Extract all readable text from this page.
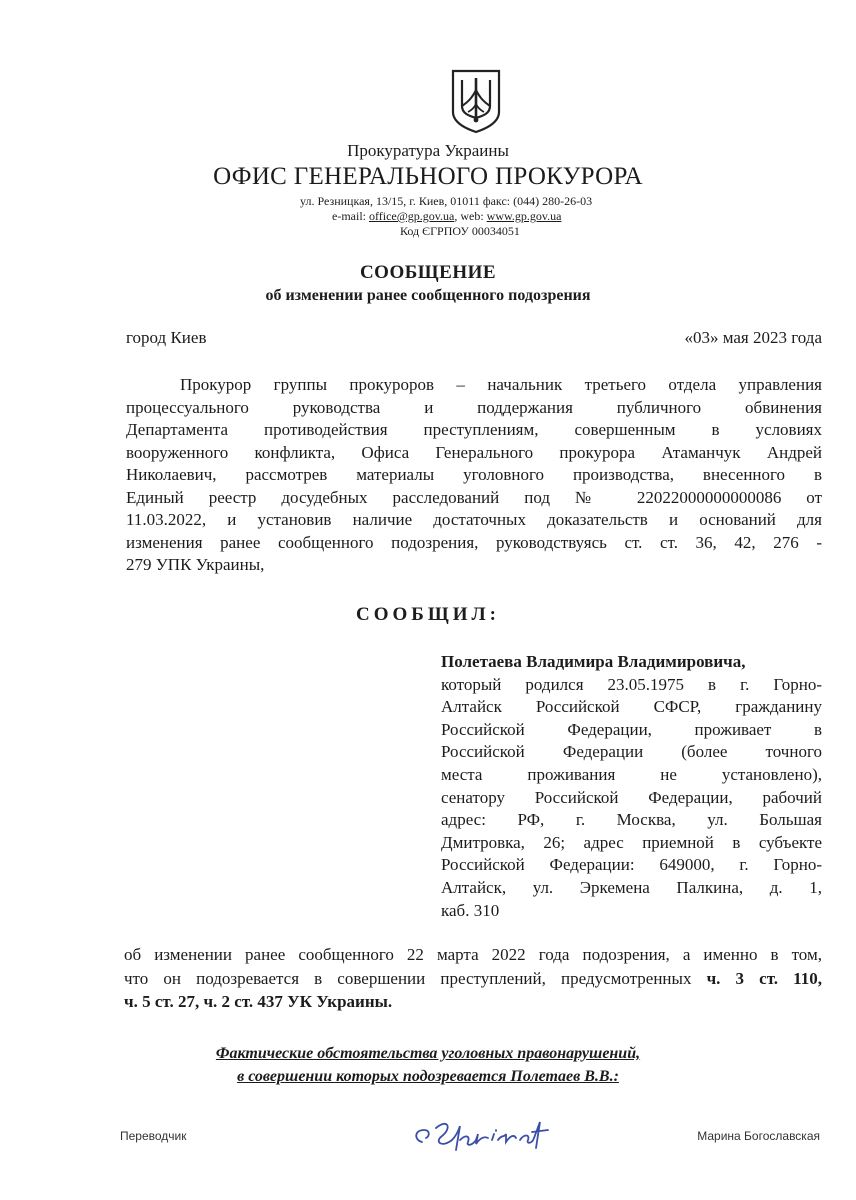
Прокуратура Украины
ОФИС ГЕНЕРАЛЬНОГО ПРОКУРОРА
ул. Резницкая, 13/15, г. Киев, 01011 факс: (044) 280-26-03
e-mail: office@gp.gov.ua, web: www.gp.gov.ua
Код ЄГРПОУ 00034051
СООБЩЕНИЕ
об изменении ранее сообщенного подозрения
город Киев	«03» мая 2023 года
Прокурор группы прокуроров – начальник третьего отдела управления
процессуального руководства и поддержания публичного обвинения
Департамента противодействия преступлениям, совершенным в условиях
вооруженного конфликта, Офиса Генерального прокурора Атаманчук Андрей
Николаевич, рассмотрев материалы уголовного производства, внесенного в
Единый реестр досудебных расследований под № 22022000000000086 от
11.03.2022, и установив наличие достаточных доказательств и оснований для
изменения ранее сообщенного подозрения, руководствуясь ст. ст. 36, 42, 276 -
279 УПК Украины,
СООБЩИЛ:
Полетаева Владимира Владимировича,
который родился 23.05.1975 в г. Горно-
Алтайск Российской СФСР, гражданину
Российской Федерации, проживает в
Российской Федерации (более точного
места проживания не установлено),
сенатору Российской Федерации, рабочий
адрес: РФ, г. Москва, ул. Большая
Дмитровка, 26; адрес приемной в субъекте
Российской Федерации: 649000, г. Горно-
Алтайск, ул. Эркемена Палкина, д. 1,
каб. 310
об изменении ранее сообщенного 22 марта 2022 года подозрения, а именно в том,
что он подозревается в совершении преступлений, предусмотренных ч. 3 ст. 110,
ч. 5 ст. 27, ч. 2 ст. 437 УК Украины.
Фактические обстоятельства уголовных правонарушений,
в совершении которых подозревается Полетаев В.В.:
Переводчик	Марина Богославская
